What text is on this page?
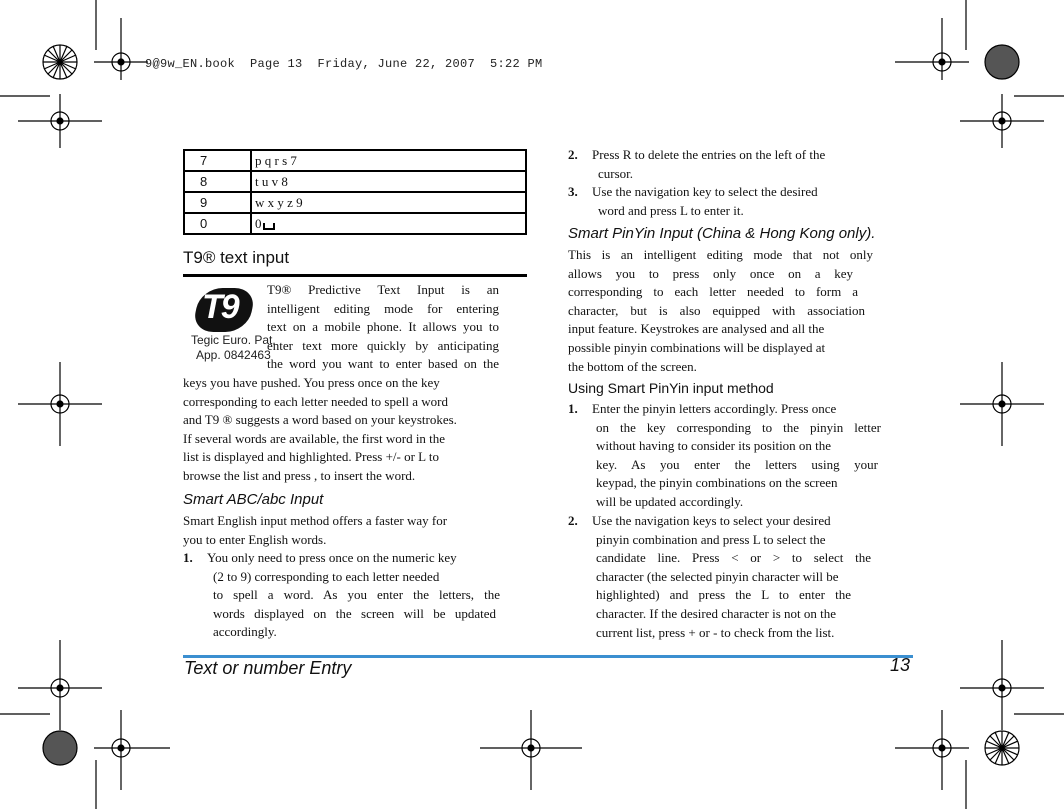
9@9w_EN.book  Page 13  Friday, June 22, 2007  5:22 PM
7	p q r s 7
8	t u v 8
9	w x y z 9
0	0
T9® text input
T9
Tegic Euro. Pat.
App. 0842463
T9® Predictive Text Input is an
intelligent editing mode for entering
text on a mobile phone. It allows you to
enter text more quickly by anticipating
the word you want to enter based on the
keys you have pushed. You press once on the key
corresponding to each letter needed to spell a word
and T9 ® suggests a word based on your keystrokes.
If several words are available, the first word in the
list is displayed and highlighted. Press +/- or L to
browse the list and press , to insert the word.
Smart ABC/abc Input
Smart English input method offers a faster way for
you to enter English words.
1. You only need to press once on the numeric key
(2 to 9) corresponding to each letter needed
to spell a word. As you enter the letters, the
words displayed on the screen will be updated
accordingly.
2. Press R to delete the entries on the left of the
cursor.
3. Use the navigation key to select the desired
word and press L to enter it.
Smart PinYin Input (China & Hong Kong only).
This is an intelligent editing mode that not only
allows you to press only once on a key
corresponding to each letter needed to form a
character, but is also equipped with association
input feature. Keystrokes are analysed and all the
possible pinyin combinations will be displayed at
the bottom of the screen.
Using Smart PinYin input method
1. Enter the pinyin letters accordingly. Press once
on the key corresponding to the pinyin letter
without having to consider its position on the
key. As you enter the letters using your
keypad, the pinyin combinations on the screen
will be updated accordingly.
2. Use the navigation keys to select your desired
pinyin combination and press L to select the
candidate line. Press < or > to select the
character (the selected pinyin character will be
highlighted) and press the L to enter the
character. If the desired character is not on the
current list, press + or - to check from the list.
Text or number Entry	13
